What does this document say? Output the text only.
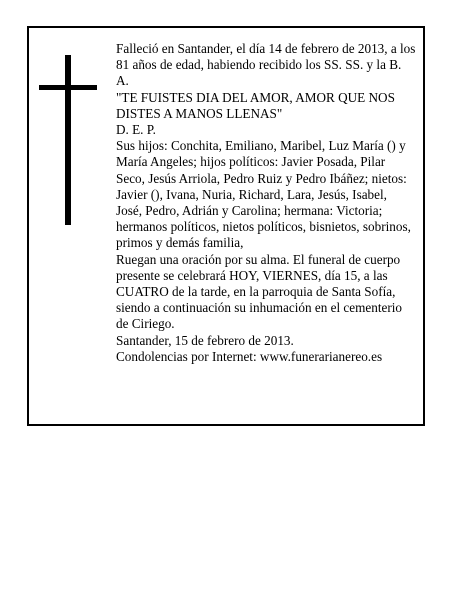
Falleció en Santander, el día 14 de febrero de 2013, a los 81 años de edad, habiendo recibido los SS. SS. y la B. A.

"TE FUISTES DIA DEL AMOR, AMOR QUE NOS DISTES A MANOS LLENAS"

D. E. P.

Sus hijos: Conchita, Emiliano, Maribel, Luz María () y María Angeles; hijos políticos: Javier Posada, Pilar Seco, Jesús Arriola, Pedro Ruiz y Pedro Ibáñez; nietos: Javier (), Ivana, Nuria, Richard, Lara, Jesús, Isabel, José, Pedro, Adrián y Carolina; hermana: Victoria; hermanos políticos, nietos políticos, bisnietos, sobrinos, primos y demás familia,

Ruegan una oración por su alma. El funeral de cuerpo presente se celebrará HOY, VIERNES, día 15, a las CUATRO de la tarde, en la parroquia de Santa Sofía, siendo a continuación su inhumación en el cementerio de Ciriego.

Santander, 15 de febrero de 2013.

Condolencias por Internet: www.funerarianereo.es
